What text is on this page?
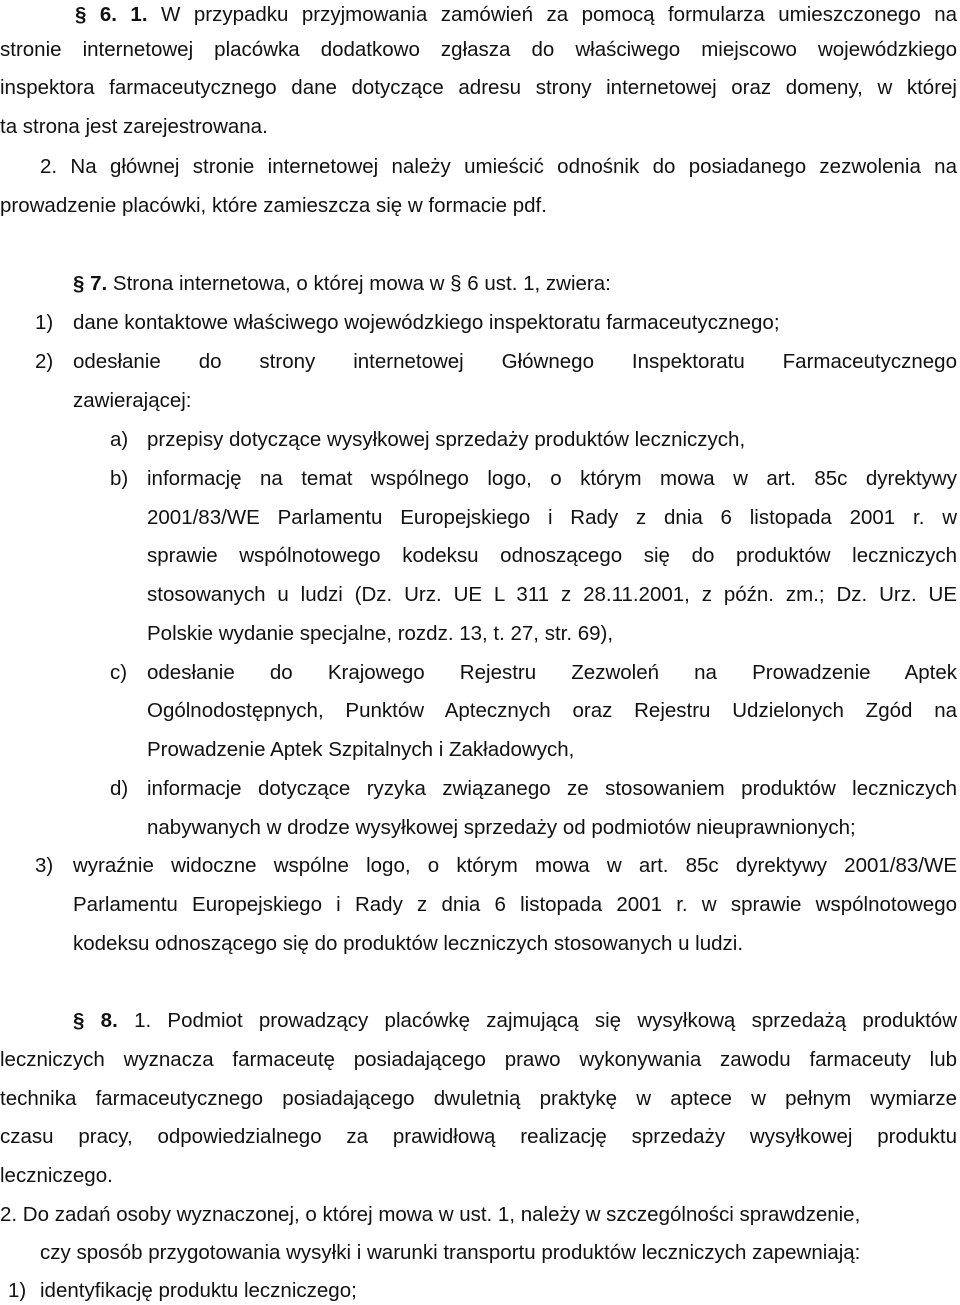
§ 6. 1. W przypadku przyjmowania zamówień za pomocą formularza umieszczonego na
stronie internetowej placówka dodatkowo zgłasza do właściwego miejscowo wojewódzkiego
inspektora farmaceutycznego dane dotyczące adresu strony internetowej oraz domeny, w której
ta strona jest zarejestrowana.
2. Na głównej stronie internetowej należy umieścić odnośnik do posiadanego zezwolenia na
prowadzenie placówki, które zamieszcza się w formacie pdf.
§ 7. Strona internetowa, o której mowa w § 6 ust. 1, zwiera:
1) dane kontaktowe właściwego wojewódzkiego inspektoratu farmaceutycznego;
2) odesłanie do strony internetowej Głównego Inspektoratu Farmaceutycznego
zawierającej:
a) przepisy dotyczące wysyłkowej sprzedaży produktów leczniczych,
b) informację na temat wspólnego logo, o którym mowa w art. 85c dyrektywy
2001/83/WE Parlamentu Europejskiego i Rady z dnia 6 listopada 2001 r. w
sprawie wspólnotowego kodeksu odnoszącego się do produktów leczniczych
stosowanych u ludzi (Dz. Urz. UE L 311 z 28.11.2001, z późn. zm.; Dz. Urz. UE
Polskie wydanie specjalne, rozdz. 13, t. 27, str. 69),
c) odesłanie do Krajowego Rejestru Zezwoleń na Prowadzenie Aptek
Ogólnodostępnych, Punktów Aptecznych oraz Rejestru Udzielonych Zgód na
Prowadzenie Aptek Szpitalnych i Zakładowych,
d) informacje dotyczące ryzyka związanego ze stosowaniem produktów leczniczych
nabywanych w drodze wysyłkowej sprzedaży od podmiotów nieuprawnionych;
3) wyraźnie widoczne wspólne logo, o którym mowa w art. 85c dyrektywy 2001/83/WE
Parlamentu Europejskiego i Rady z dnia 6 listopada 2001 r. w sprawie wspólnotowego
kodeksu odnoszącego się do produktów leczniczych stosowanych u ludzi.
§ 8. 1. Podmiot prowadzący placówkę zajmującą się wysyłkową sprzedażą produktów
leczniczych wyznacza farmaceutę posiadającego prawo wykonywania zawodu farmaceuty lub
technika farmaceutycznego posiadającego dwuletnią praktykę w aptece w pełnym wymiarze
czasu pracy, odpowiedzialnego za prawidłową realizację sprzedaży wysyłkowej produktu
leczniczego.
2. Do zadań osoby wyznaczonej, o której mowa w ust. 1, należy w szczególności sprawdzenie,
czy sposób przygotowania wysyłki i warunki transportu produktów leczniczych zapewniają:
1) identyfikację produktu leczniczego;
